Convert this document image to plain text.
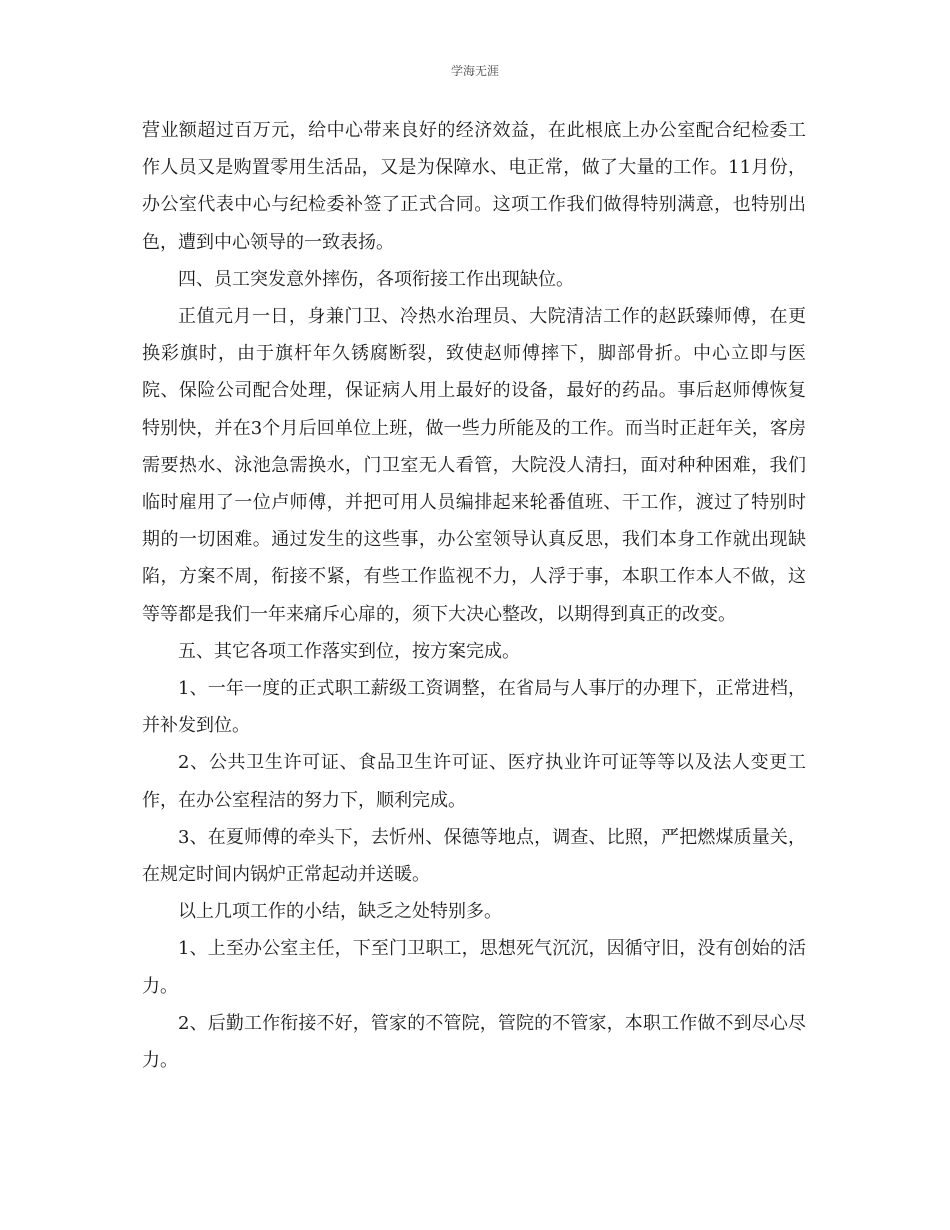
学海无涯

营业额超过百万元，给中心带来良好的经济效益，在此根底上办公室配合纪检委工作人员又是购置零用生活品，又是为保障水、电正常，做了大量的工作。11月份，办公室代表中心与纪检委补签了正式合同。这项工作我们做得特别满意，也特别出色，遭到中心领导的一致表扬。

四、员工突发意外摔伤，各项衔接工作出现缺位。

正值元月一日，身兼门卫、冷热水治理员、大院清洁工作的赵跃臻师傅，在更换彩旗时，由于旗杆年久锈腐断裂，致使赵师傅摔下，脚部骨折。中心立即与医院、保险公司配合处理，保证病人用上最好的设备，最好的药品。事后赵师傅恢复特别快，并在3个月后回单位上班，做一些力所能及的工作。而当时正赶年关，客房需要热水、泳池急需换水，门卫室无人看管，大院没人清扫，面对种种困难，我们临时雇用了一位卢师傅，并把可用人员编排起来轮番值班、干工作，渡过了特别时期的一切困难。通过发生的这些事，办公室领导认真反思，我们本身工作就出现缺陷，方案不周，衔接不紧，有些工作监视不力，人浮于事，本职工作本人不做，这等等都是我们一年来痛斥心扉的，须下大决心整改，以期得到真正的改变。

五、其它各项工作落实到位，按方案完成。

1、一年一度的正式职工薪级工资调整，在省局与人事厅的办理下，正常进档，并补发到位。

2、公共卫生许可证、食品卫生许可证、医疗执业许可证等等以及法人变更工作，在办公室程洁的努力下，顺利完成。

3、在夏师傅的牵头下，去忻州、保德等地点，调查、比照，严把燃煤质量关，在规定时间内锅炉正常起动并送暖。

以上几项工作的小结，缺乏之处特别多。

1、上至办公室主任，下至门卫职工，思想死气沉沉，因循守旧，没有创始的活力。

2、后勤工作衔接不好，管家的不管院，管院的不管家，本职工作做不到尽心尽力。
